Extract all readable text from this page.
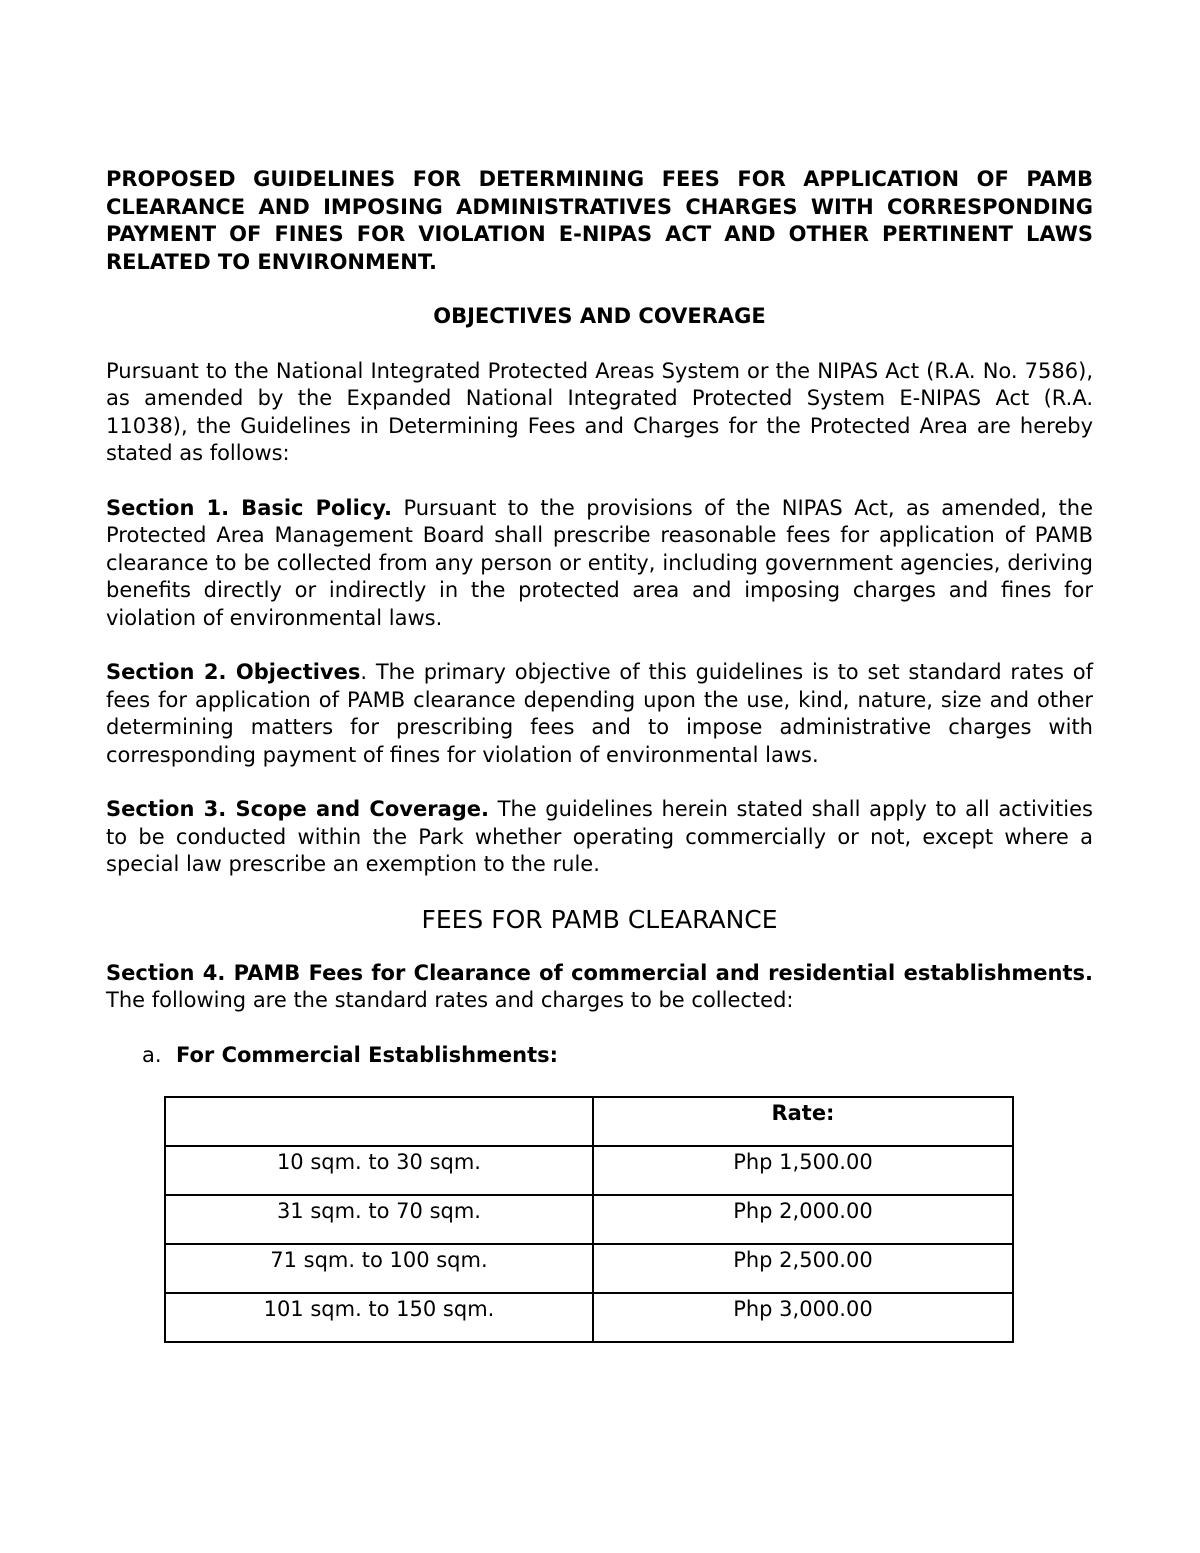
PROPOSED GUIDELINES FOR DETERMINING FEES FOR APPLICATION OF PAMB CLEARANCE AND IMPOSING ADMINISTRATIVES CHARGES WITH CORRESPONDING PAYMENT OF FINES FOR VIOLATION E-NIPAS ACT AND OTHER PERTINENT LAWS RELATED TO ENVIRONMENT.

OBJECTIVES AND COVERAGE

Pursuant to the National Integrated Protected Areas System or the NIPAS Act (R.A. No. 7586), as amended by the Expanded National Integrated Protected System E-NIPAS Act (R.A. 11038), the Guidelines in Determining Fees and Charges for the Protected Area are hereby stated as follows:

Section 1. Basic Policy. Pursuant to the provisions of the NIPAS Act, as amended, the Protected Area Management Board shall prescribe reasonable fees for application of PAMB clearance to be collected from any person or entity, including government agencies, deriving benefits directly or indirectly in the protected area and imposing charges and fines for violation of environmental laws.

Section 2. Objectives. The primary objective of this guidelines is to set standard rates of fees for application of PAMB clearance depending upon the use, kind, nature, size and other determining matters for prescribing fees and to impose administrative charges with corresponding payment of fines for violation of environmental laws.

Section 3. Scope and Coverage. The guidelines herein stated shall apply to all activities to be conducted within the Park whether operating commercially or not, except where a special law prescribe an exemption to the rule.

FEES FOR PAMB CLEARANCE

Section 4. PAMB Fees for Clearance of commercial and residential establishments. The following are the standard rates and charges to be collected:

a. For Commercial Establishments:
	Rate:
10 sqm. to 30 sqm.	Php 1,500.00
31 sqm. to 70 sqm.	Php 2,000.00
71 sqm. to 100 sqm.	Php 2,500.00
101 sqm. to 150 sqm.	Php 3,000.00
